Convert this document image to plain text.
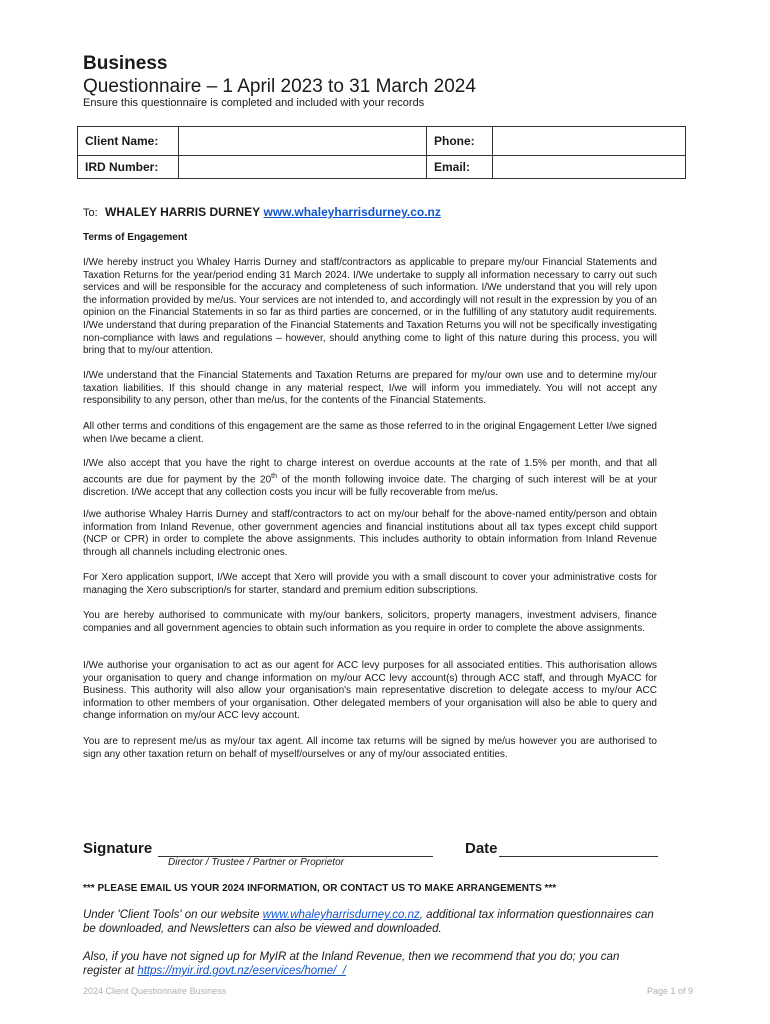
Business
Questionnaire – 1 April 2023 to 31 March 2024
Ensure this questionnaire is completed and included with your records
Client Name:		Phone:	
IRD Number:		Email:	
To: WHALEY HARRIS DURNEY www.whaleyharrisdurney.co.nz
Terms of Engagement
I/We hereby instruct you Whaley Harris Durney and staff/contractors as applicable to prepare my/our Financial Statements and Taxation Returns for the year/period ending 31 March 2024. I/We undertake to supply all information necessary to carry out such services and will be responsible for the accuracy and completeness of such information. I/We understand that you will rely upon the information provided by me/us. Your services are not intended to, and accordingly will not result in the expression by you of an opinion on the Financial Statements in so far as third parties are concerned, or in the fulfilling of any statutory audit requirements. I/We understand that during preparation of the Financial Statements and Taxation Returns you will not be specifically investigating non-compliance with laws and regulations – however, should anything come to light of this nature during this process, you will bring that to my/our attention.
I/We understand that the Financial Statements and Taxation Returns are prepared for my/our own use and to determine my/our taxation liabilities. If this should change in any material respect, I/we will inform you immediately. You will not accept any responsibility to any person, other than me/us, for the contents of the Financial Statements.
All other terms and conditions of this engagement are the same as those referred to in the original Engagement Letter I/we signed when I/we became a client.
I/We also accept that you have the right to charge interest on overdue accounts at the rate of 1.5% per month, and that all accounts are due for payment by the 20th of the month following invoice date. The charging of such interest will be at your discretion. I/We accept that any collection costs you incur will be fully recoverable from me/us.
I/we authorise Whaley Harris Durney and staff/contractors to act on my/our behalf for the above-named entity/person and obtain information from Inland Revenue, other government agencies and financial institutions about all tax types except child support (NCP or CPR) in order to complete the above assignments. This includes authority to obtain information from Inland Revenue through all channels including electronic ones.
For Xero application support, I/We accept that Xero will provide you with a small discount to cover your administrative costs for managing the Xero subscription/s for starter, standard and premium edition subscriptions.
You are hereby authorised to communicate with my/our bankers, solicitors, property managers, investment advisers, finance companies and all government agencies to obtain such information as you require in order to complete the above assignments.
I/We authorise your organisation to act as our agent for ACC levy purposes for all associated entities. This authorisation allows your organisation to query and change information on my/our ACC levy account(s) through ACC staff, and through MyACC for Business. This authority will also allow your organisation's main representative discretion to delegate access to my/our ACC information to other members of your organisation. Other delegated members of your organisation will also be able to query and change information on my/our ACC levy account.
You are to represent me/us as my/our tax agent. All income tax returns will be signed by me/us however you are authorised to sign any other taxation return on behalf of myself/ourselves or any of my/our associated entities.
Signature
Director / Trustee / Partner or Proprietor
Date
*** PLEASE EMAIL US YOUR 2024 INFORMATION, OR CONTACT US TO MAKE ARRANGEMENTS ***
Under 'Client Tools' on our website www.whaleyharrisdurney.co.nz, additional tax information questionnaires can be downloaded, and Newsletters can also be viewed and downloaded.
Also, if you have not signed up for MyIR at the Inland Revenue, then we recommend that you do; you can register at https://myir.ird.govt.nz/eservices/home/_/
2024 Client Questionnaire Business	Page 1 of 9
